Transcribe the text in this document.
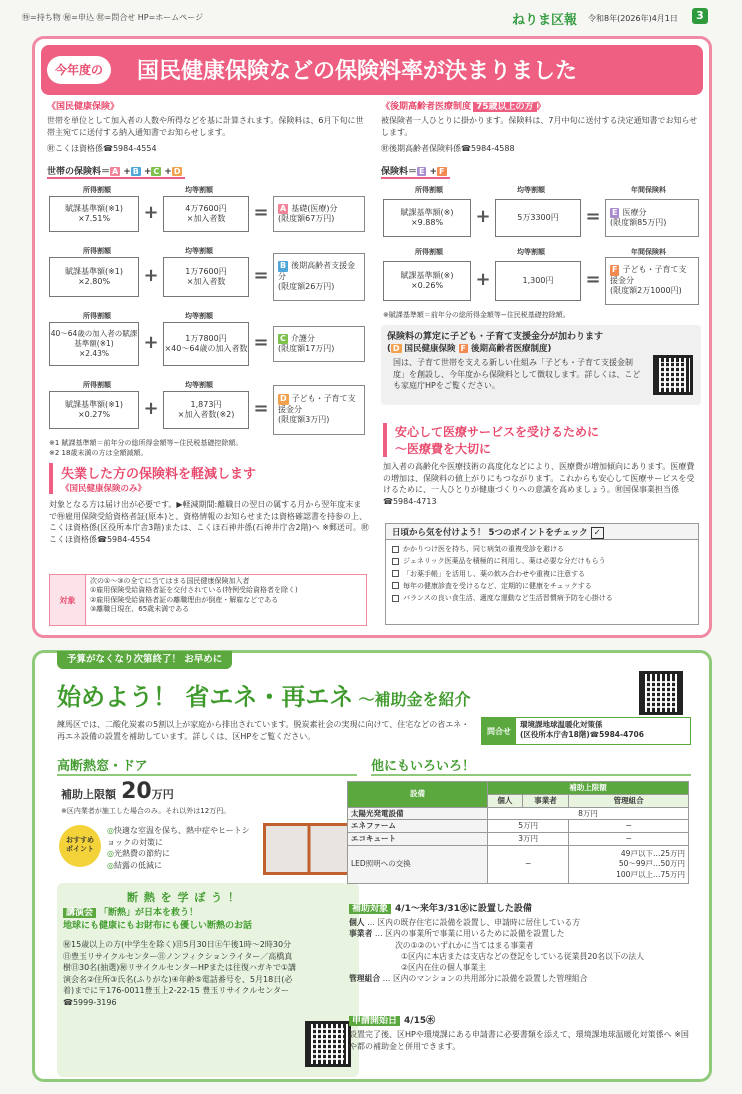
㊕=持ち物 ㊙=申込 ㊖=問合せ HP=ホームページ	ねりま区報 令和8年(2026年)4月1日	3
今年度の	国民健康保険などの保険料率が決まりました
《国民健康保険》
世帯を単位として加入者の人数や所得などを基に計算されます。保険料は、6月下旬に世帯主宛てに送付する納入通知書でお知らせします。
㊖こくほ資格係☎5984-4554
世帯の保険料＝ A + B + C + D
所得割額	均等割額
賦課基準額(※1)
×7.51%	+	4万7600円
×加入者数	=	A 基礎(医療)分
(限度額67万円)
所得割額	均等割額
賦課基準額(※1)
×2.80%	+	1万7600円
×加入者数	=	B 後期高齢者支援金分
(限度額26万円)
所得割額	均等割額
40〜64歳の加入者の賦課基準額(※1)
×2.43%
+	1万7800円
×40〜64歳の加入者数 =	C 介護分
(限度額17万円)
所得割額	均等割額
賦課基準額(※1)
×0.27%	+	1,873円
×加入者数(※2)	=	D 子ども・子育て支援金分
(限度額3万円)
※1 賦課基準額＝前年分の総所得金額等−住民税基礎控除額。
※2 18歳未満の方は全額減額。
失業した方の保険料を軽減します
《国民健康保険のみ》
対象となる方は届け出が必要です。▶軽減期間:離職日の翌日の属する月から翌年度末まで㊕雇用保険受給資格者証(原本)と、資格情報のお知らせまたは資格確認書を持参の上、こくほ資格係(区役所本庁舎3階)または、こくほ石神井係(石神井庁舎2階)へ ※郵送可。㊖こくほ資格係☎5984-4554
対象
次の①〜③の全てに当てはまる国民健康保険加入者
①雇用保険受給資格者証を交付されている(特例受給資格者を除く)
②雇用保険受給資格者証の離職理由が倒産・解雇などである
③離職日現在、65歳未満である
《後期高齢者医療制度 75歳以上の方 》
被保険者一人ひとりに掛かります。保険料は、7月中旬に送付する決定通知書でお知らせします。
㊖後期高齢者保険料係☎5984-4588
保険料＝ E + F
所得割額	均等割額	年間保険料
賦課基準額(※)
×9.88%	+	5万3300円	=	E 医療分
(限度額85万円)
所得割額	均等割額	年間保険料
賦課基準額(※)
×0.26%	+	1,300円	=	F 子ども・子育て支援金分
(限度額2万1000円)
※賦課基準額＝前年分の総所得金額等−住民税基礎控除額。
保険料の算定に子ども・子育て支援金分が加わります
( D 国民健康保険 F 後期高齢者医療制度)
国は、子育て世帯を支える新しい仕組み「子ども・子育て支援金制度」を創設し、今年度から保険料として徴収します。詳しくは、こども家庭庁HPをご覧ください。
安心して医療サービスを受けるために
〜医療費を大切に
加入者の高齢化や医療技術の高度化などにより、医療費が増加傾向にあります。医療費の増加は、保険料の値上がりにもつながります。これからも安心して医療サービスを受けるために、一人ひとりが健康づくりへの意識を高めましょう。㊖国保事業担当係☎5984-4713
日頃から気を付けよう！ 5つのポイントをチェック ✓
かかりつけ医を持ち、同じ病気の重複受診を避ける
ジェネリック医薬品を積極的に利用し、薬は必要な分だけもらう
「お薬手帳」を活用し、薬の飲み合わせや重複に注意する
毎年の健康診査を受けるなど、定期的に健康をチェックする
バランスの良い食生活、適度な運動など生活習慣病予防を心掛ける
予算がなくなり次第終了！ お早めに
始めよう！ 省エネ・再エネ 〜補助金を紹介
練馬区では、二酸化炭素の5割以上が家庭から排出されています。脱炭素社会の実現に向けて、住宅などの省エネ・再エネ設備の設置を補助しています。詳しくは、区HPをご覧ください。
問合せ
環境課地球温暖化対策係
(区役所本庁舎18階)☎5984-4706
高断熱窓・ドア
補助上限額 20万円
※区内業者が施工した場合のみ。それ以外は12万円。
おすすめ
ポイント
◎快適な室温を保ち、熱中症やヒートショックの対策に
◎光熱費の節約に
◎結露の低減に
断 熱 を 学 ぼ う ！
講演会 「断熱」が日本を救う！
地球にも健康にもお財布にも優しい断熱のお話
㊙15歳以上の方(中学生を除く)㊐5月30日㊏午後1時〜2時30分㊐豊玉リサイクルセンター㊐ノンフィクションライター／高橋真樹㊐30名(抽選)㊙リサイクルセンターHPまたは往復ハガキで①講演会名②住所③氏名(ふりがな)④年齢⑤電話番号を、5月18日(必着)までに〒176-0011豊玉上2-22-15 豊玉リサイクルセンター☎5999-3196
他にもいろいろ！
設備	補助上限額		
	個人	事業者	管理組合
太陽光発電設備	8万円		
エネファーム	5万円		−
エコキュート	3万円		−
LED照明への交換	−		49戸以下…25万円
50〜99戸…50万円
100戸以上…75万円
補助対象 4/1〜来年3/31㊌に設置した設備
個人 … 区内の既存住宅に設備を設置し、申請時に居住している方
事業者 … 区内の事業所で事業に用いるために設備を設置した
次の①②のいずれかに当てはまる事業者
①区内に本店または支店などの登記をしている従業員20名以下の法人
②区内在住の個人事業主
管理組合 … 区内のマンションの共用部分に設備を設置した管理組合
申請開始日 4/15㊌
設置完了後、区HPや環境課にある申請書に必要書類を添えて、環境課地球温暖化対策係へ ※国や都の補助金と併用できます。
